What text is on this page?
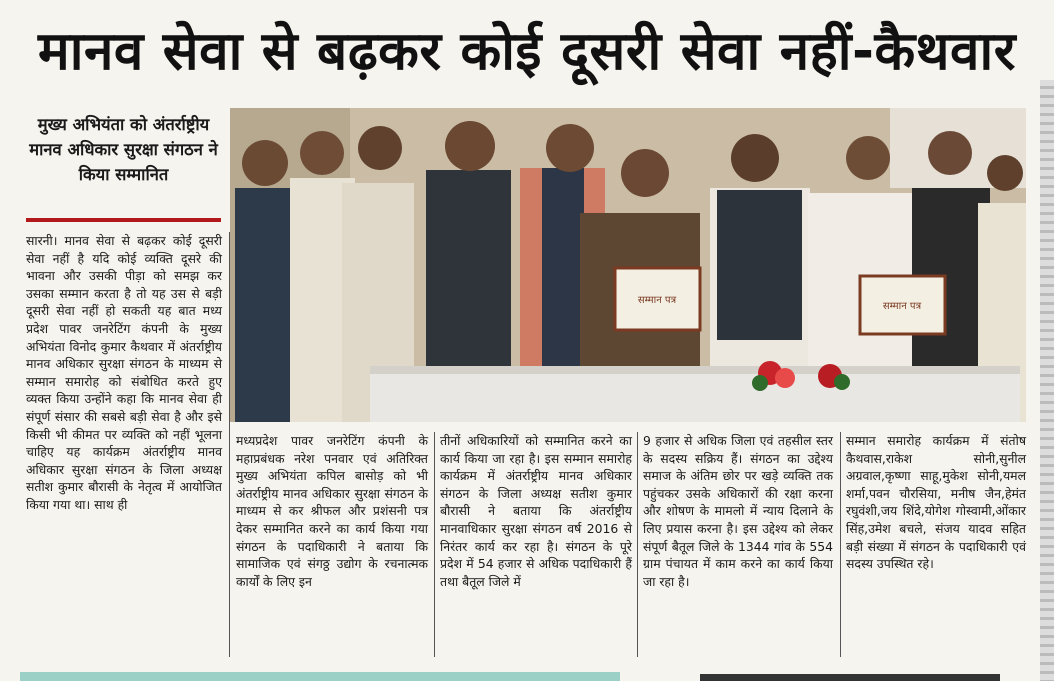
मानव सेवा से बढ़कर कोई दूसरी सेवा नहीं-कैथवार
मुख्य अभियंता को अंतर्राष्ट्रीय मानव अधिकार सुरक्षा संगठन ने किया सम्मानित
सम्मान पत्र
सम्मान पत्र

सारनी। मानव सेवा से बढ़कर कोई दूसरी सेवा नहीं है यदि कोई व्यक्ति दूसरे की भावना और उसकी पीड़ा को समझ कर उसका सम्मान करता है तो यह उस से बड़ी दूसरी सेवा नहीं हो सकती यह बात मध्य प्रदेश पावर जनरेटिंग कंपनी के मुख्य अभियंता विनोद कुमार कैथवार में अंतर्राष्ट्रीय मानव अधिकार सुरक्षा संगठन के माध्यम से सम्मान समारोह को संबोधित करते हुए व्यक्त किया उन्होंने कहा कि मानव सेवा ही संपूर्ण संसार की सबसे बड़ी सेवा है और इसे किसी भी कीमत पर व्यक्ति को नहीं भूलना चाहिए यह कार्यक्रम अंतर्राष्ट्रीय मानव अधिकार सुरक्षा संगठन के जिला अध्यक्ष सतीश कुमार बौरासी के नेतृत्व में आयोजित किया गया था। साथ ही

मध्यप्रदेश पावर जनरेटिंग कंपनी के महाप्रबंधक नरेश पनवार एवं अतिरिक्त मुख्य अभियंता कपिल बासोड़ को भी अंतर्राष्ट्रीय मानव अधिकार सुरक्षा संगठन के माध्यम से कर श्रीफल और प्रशंसनी पत्र देकर सम्मानित करने का कार्य किया गया संगठन के पदाधिकारी ने बताया कि सामाजिक एवं संगठ्ठ उद्योग के रचनात्मक कार्यों के लिए इन

तीनों अधिकारियों को सम्मानित करने का कार्य किया जा रहा है। इस सम्मान समारोह कार्यक्रम में अंतर्राष्ट्रीय मानव अधिकार संगठन के जिला अध्यक्ष सतीश कुमार बौरासी ने बताया कि अंतर्राष्ट्रीय मानवाधिकार सुरक्षा संगठन वर्ष 2016 से निरंतर कार्य कर रहा है। संगठन के पूरे प्रदेश में 54 हजार से अधिक पदाधिकारी हैं तथा बैतूल जिले में

9 हजार से अधिक जिला एवं तहसील स्तर के सदस्य सक्रिय हैं। संगठन का उद्देश्य समाज के अंतिम छोर पर खड़े व्यक्ति तक पहुंचकर उसके अधिकारों की रक्षा करना और शोषण के मामलो में न्याय दिलाने के लिए प्रयास करना है। इस उद्देश्य को लेकर संपूर्ण बैतूल जिले के 1344 गांव के 554 ग्राम पंचायत में काम करने का कार्य किया जा रहा है।

सम्मान समारोह कार्यक्रम में संतोष कैथवास,राकेश सोनी,सुनील अग्रवाल,कृष्णा साहू,मुकेश सोनी,यमल शर्मा,पवन चौरसिया, मनीष जैन,हेमंत रघुवंशी,जय शिंदे,योगेश गोस्वामी,ओंकार सिंह,उमेश बचले, संजय यादव सहित बड़ी संख्या में संगठन के पदाधिकारी एवं सदस्य उपस्थित रहे।
